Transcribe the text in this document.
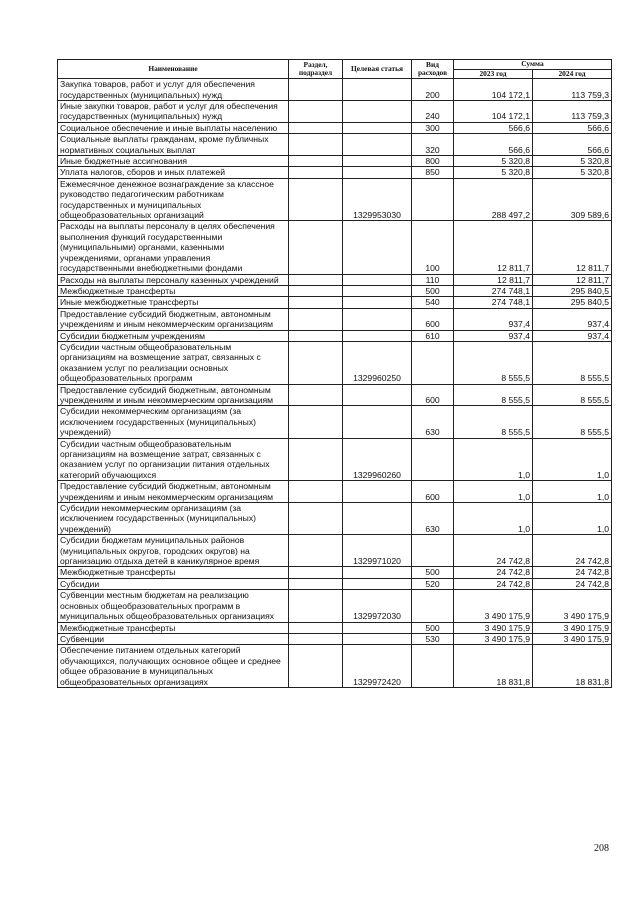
Наименование	Раздел, подраздел	Целевая статья	Вид расходов	Сумма	
				2023 год	2024 год
Закупка товаров, работ и услуг для обеспечения государственных (муниципальных) нужд			200	104 172,1	113 759,3
Иные закупки товаров, работ и услуг для обеспечения государственных (муниципальных) нужд			240	104 172,1	113 759,3
Социальное обеспечение и иные выплаты населению			300	566,6	566,6
Социальные выплаты гражданам, кроме публичных нормативных социальных выплат			320	566,6	566,6
Иные бюджетные ассигнования			800	5 320,8	5 320,8
Уплата налогов, сборов и иных платежей			850	5 320,8	5 320,8
Ежемесячное денежное вознаграждение за классное руководство педагогическим работникам государственных и муниципальных общеобразовательных организаций		1329953030		288 497,2	309 589,6
Расходы на выплаты персоналу в целях обеспечения выполнения функций государственными (муниципальными) органами, казенными учреждениями, органами управления государственными внебюджетными фондами			100	12 811,7	12 811,7
Расходы на выплаты персоналу казенных учреждений			110	12 811,7	12 811,7
Межбюджетные трансферты			500	274 748,1	295 840,5
Иные межбюджетные трансферты			540	274 748,1	295 840,5
Предоставление субсидий бюджетным, автономным учреждениям и иным некоммерческим организациям			600	937,4	937,4
Субсидии бюджетным учреждениям			610	937,4	937,4
Субсидии частным общеобразовательным организациям на возмещение затрат, связанных с оказанием услуг по реализации основных общеобразовательных программ		1329960250		8 555,5	8 555,5
Предоставление субсидий бюджетным, автономным учреждениям и иным некоммерческим организациям			600	8 555,5	8 555,5
Субсидии некоммерческим организациям (за исключением государственных (муниципальных) учреждений)			630	8 555,5	8 555,5
Субсидии частным общеобразовательным организациям на возмещение затрат, связанных с оказанием услуг по организации питания отдельных категорий обучающихся		1329960260		1,0	1,0
Предоставление субсидий бюджетным, автономным учреждениям и иным некоммерческим организациям			600	1,0	1,0
Субсидии некоммерческим организациям (за исключением государственных (муниципальных) учреждений)			630	1,0	1,0
Субсидии бюджетам муниципальных районов (муниципальных округов, городских округов) на организацию отдыха детей в каникулярное время		1329971020		24 742,8	24 742,8
Межбюджетные трансферты			500	24 742,8	24 742,8
Субсидии			520	24 742,8	24 742,8
Субвенции местным бюджетам на реализацию основных общеобразовательных программ в муниципальных общеобразовательных организациях		1329972030		3 490 175,9	3 490 175,9
Межбюджетные трансферты			500	3 490 175,9	3 490 175,9
Субвенции			530	3 490 175,9	3 490 175,9
Обеспечение питанием отдельных категорий обучающихся, получающих основное общее и среднее общее образование в муниципальных общеобразовательных организациях		1329972420		18 831,8	18 831,8
208
